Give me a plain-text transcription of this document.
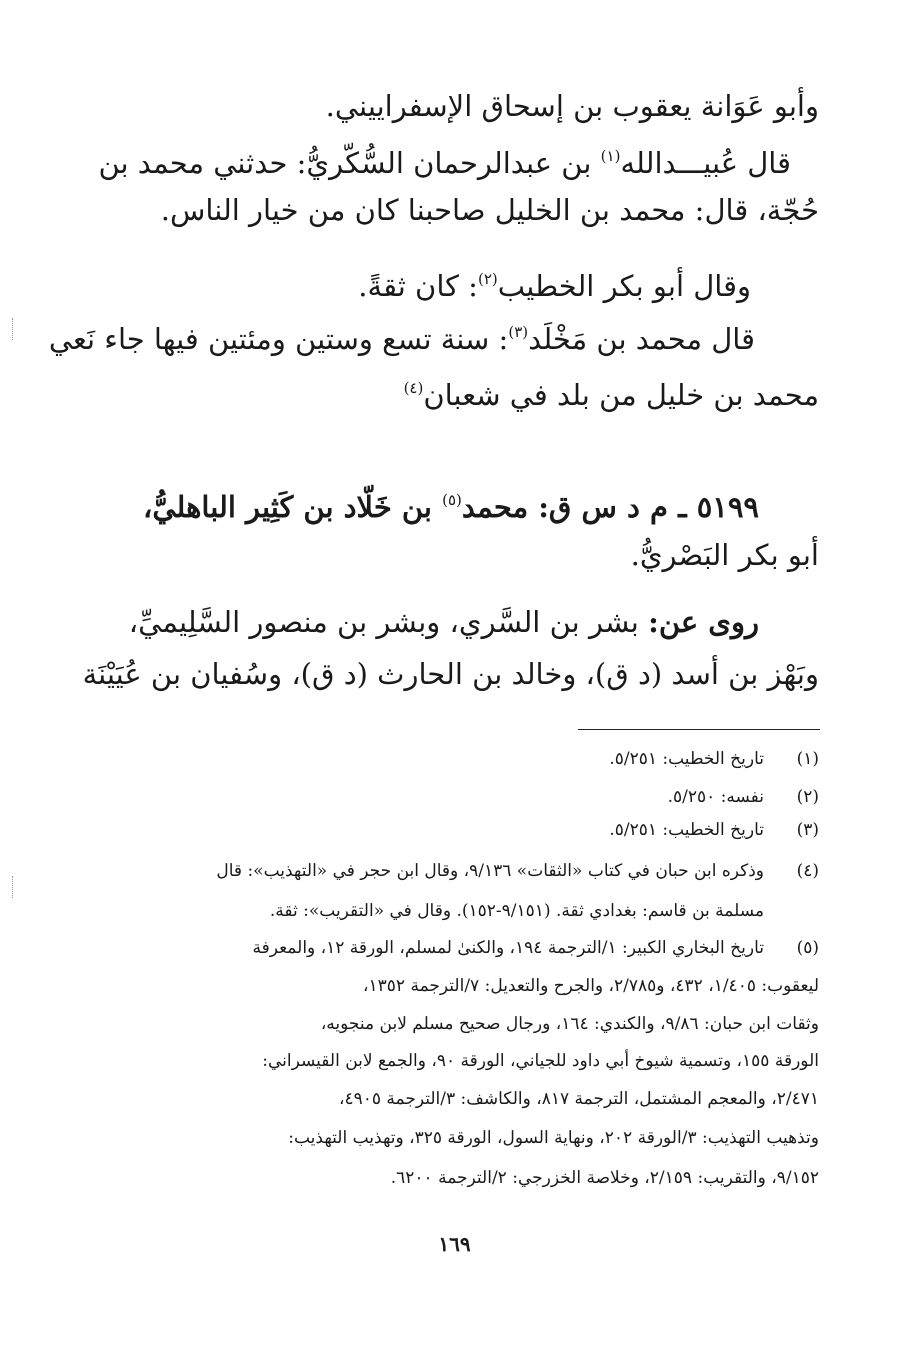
وأبو عَوَانة يعقوب بن إسحاق الإسفراييني.
قال عُبيـــدالله$^{(١)}$ بن عبدالرحمان السُّكّريُّ: حدثني محمد بن
حُجّة، قال: محمد بن الخليل صاحبنا كان من خيار الناس.
وقال أبو بكر الخطيب$^{(٢)}$: كان ثقةً.
قال محمد بن مَخْلَد$^{(٣)}$: سنة تسع وستين ومئتين فيها جاء نَعي
محمد بن خليل من بلد في شعبان$^{(٤)}$
٥١٩٩ ـ م د س ق: محمد$^{(٥)}$ بن خَلّاد بن كَثِير الباهليُّ،
أبو بكر البَصْريُّ.
روى عن: بشر بن السَّري، وبشر بن منصور السَّلِيميِّ،
وبَهْز بن أسد (د ق)، وخالد بن الحارث (د ق)، وسُفيان بن عُيَيْنَة
(١)
تاريخ الخطيب: ٥/٢٥١.
(٢)
نفسه: ٥/٢٥٠.
(٣)
تاريخ الخطيب: ٥/٢٥١.
(٤)
وذكره ابن حبان في كتاب «الثقات» ٩/١٣٦، وقال ابن حجر في «التهذيب»: قال
مسلمة بن قاسم: بغدادي ثقة. (٩/١٥١-١٥٢). وقال في «التقريب»: ثقة.
(٥)
تاريخ البخاري الكبير: ١/الترجمة ١٩٤، والكنىٰ لمسلم، الورقة ١٢، والمعرفة
ليعقوب: ١/٤٠٥، ٤٣٢، و٢/٧٨٥، والجرح والتعديل: ٧/الترجمة ١٣٥٢،
وثقات ابن حبان: ٩/٨٦، والكندي: ١٦٤، ورجال صحيح مسلم لابن منجويه،
الورقة ١٥٥، وتسمية شيوخ أبي داود للجياني، الورقة ٩٠، والجمع لابن القيسراني:
٢/٤٧١، والمعجم المشتمل، الترجمة ٨١٧، والكاشف: ٣/الترجمة ٤٩٠٥،
وتذهيب التهذيب: ٣/الورقة ٢٠٢، ونهاية السول، الورقة ٣٢٥، وتهذيب التهذيب:
٩/١٥٢، والتقريب: ٢/١٥٩، وخلاصة الخزرجي: ٢/الترجمة ٦٢٠٠.
١٦٩
